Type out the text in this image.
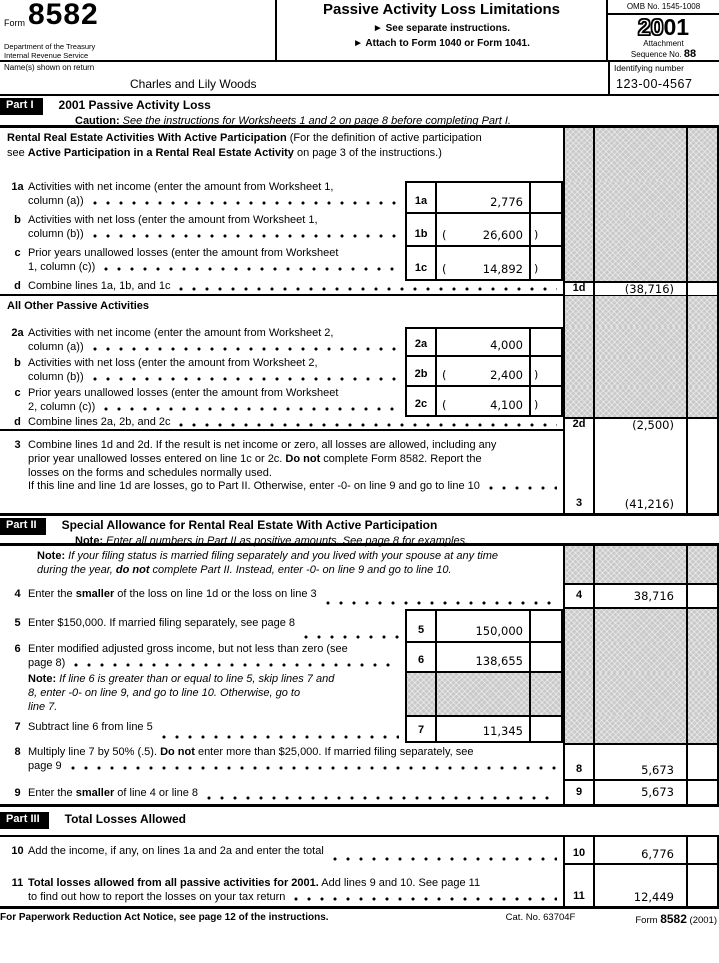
Form 8582
Department of the Treasury
Internal Revenue Service
Passive Activity Loss Limitations
► See separate instructions.
► Attach to Form 1040 or Form 1041.
OMB No. 1545-1008
2001
Attachment
Sequence No. 88
Name(s) shown on return
Charles and Lily Woods
Identifying number
123-00-4567
Part I 2001 Passive Activity Loss
Caution: See the instructions for Worksheets 1 and 2 on page 8 before completing Part I.
Rental Real Estate Activities With Active Participation (For the definition of active participation
see Active Participation in a Rental Real Estate Activity on page 3 of the instructions.)
1a Activities with net income (enter the amount from Worksheet 1,
column (a))	1a	2,776
b Activities with net loss (enter the amount from Worksheet 1,
column (b))	1b	(	26,600	)
c Prior years unallowed losses (enter the amount from Worksheet
1, column (c))	1c	(	14,892	)
d Combine lines 1a, 1b, and 1c	1d	(38,716)
All Other Passive Activities
2a Activities with net income (enter the amount from Worksheet 2,
column (a))	2a	4,000
b Activities with net loss (enter the amount from Worksheet 2,
column (b))	2b	(	2,400	)
c Prior years unallowed losses (enter the amount from Worksheet
2, column (c))	2c	(	4,100	)
d Combine lines 2a, 2b, and 2c	2d	(2,500)
3 Combine lines 1d and 2d. If the result is net income or zero, all losses are allowed, including any
prior year unallowed losses entered on line 1c or 2c. Do not complete Form 8582. Report the
losses on the forms and schedules normally used.
If this line and line 1d are losses, go to Part II. Otherwise, enter -0- on line 9 and go to line 10
3	(41,216)
Part II Special Allowance for Rental Real Estate With Active Participation
Note: Enter all numbers in Part II as positive amounts. See page 8 for examples.
Note: If your filing status is married filing separately and you lived with your spouse at any time
during the year, do not complete Part II. Instead, enter -0- on line 9 and go to line 10.
4 Enter the smaller of the loss on line 1d or the loss on line 3	4	38,716
5 Enter $150,000. If married filing separately, see page 8
5	150,000
6 Enter modified adjusted gross income, but not less than zero (see
page 8)	6	138,655
Note: If line 6 is greater than or equal to line 5, skip lines 7 and
8, enter -0- on line 9, and go to line 10. Otherwise, go to
line 7.
7 Subtract line 6 from line 5	7	11,345
8 Multiply line 7 by 50% (.5). Do not enter more than $25,000. If married filing separately, see
page 9	8	5,673
9 Enter the smaller of line 4 or line 8	9	5,673
Part III Total Losses Allowed
10 Add the income, if any, on lines 1a and 2a and enter the total	10	6,776
11 Total losses allowed from all passive activities for 2001. Add lines 9 and 10. See page 11
to find out how to report the losses on your tax return	11	12,449
For Paperwork Reduction Act Notice, see page 12 of the instructions.	Cat. No. 63704F	Form 8582 (2001)
